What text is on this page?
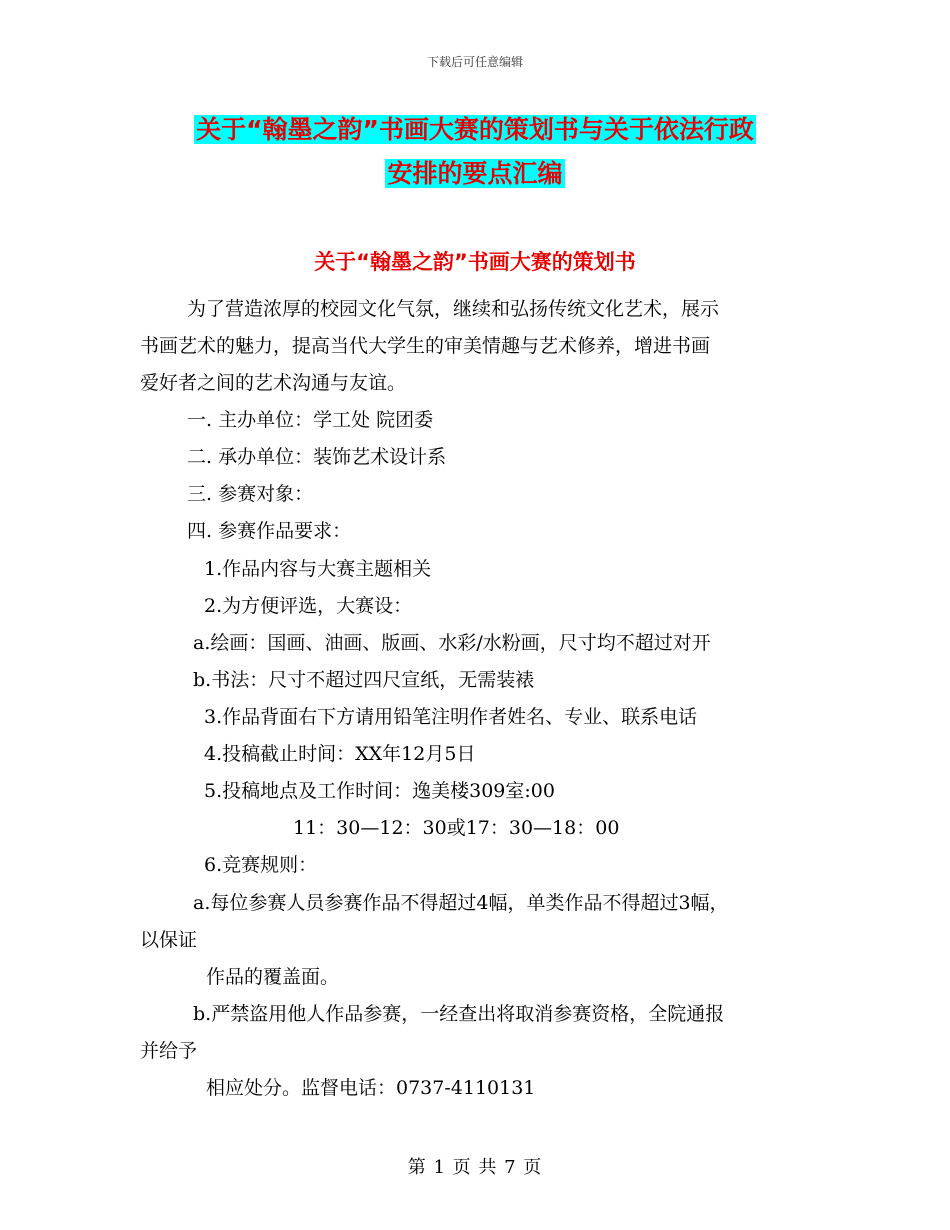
下载后可任意编辑
关于“翰墨之韵”书画大赛的策划书与关于依法行政
安排的要点汇编
关于“翰墨之韵”书画大赛的策划书
为了营造浓厚的校园文化气氛，继续和弘扬传统文化艺术，展示
书画艺术的魅力，提高当代大学生的审美情趣与艺术修养，增进书画
爱好者之间的艺术沟通与友谊。
一. 主办单位：学工处 院团委
二. 承办单位：装饰艺术设计系
三. 参赛对象：
四. 参赛作品要求：
1.作品内容与大赛主题相关
2.为方便评选，大赛设：
a.绘画：国画、油画、版画、水彩/水粉画，尺寸均不超过对开
b.书法：尺寸不超过四尺宣纸，无需装裱
3.作品背面右下方请用铅笔注明作者姓名、专业、联系电话
4.投稿截止时间：XX年12月5日
5.投稿地点及工作时间：逸美楼309室:00
11：30—12：30或17：30—18：00
6.竞赛规则：
a.每位参赛人员参赛作品不得超过4幅，单类作品不得超过3幅，
以保证
作品的覆盖面。
b.严禁盗用他人作品参赛，一经查出将取消参赛资格，全院通报
并给予
相应处分。监督电话：0737-4110131
第 1 页 共 7 页
